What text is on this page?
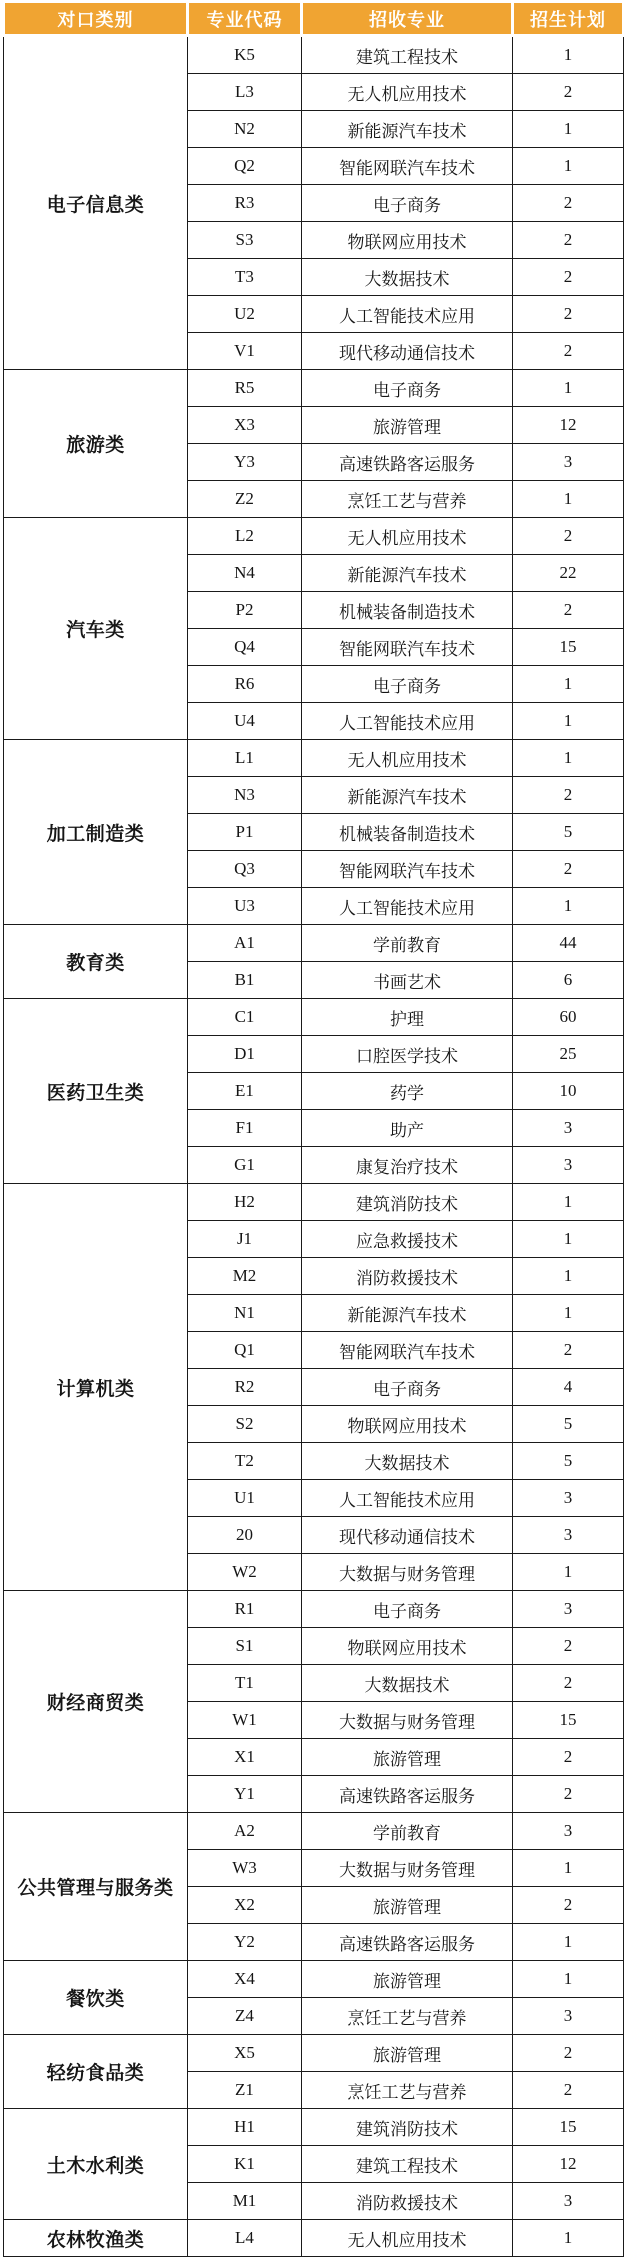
对口类别	专业代码	招收专业	招生计划
电子信息类	K5	建筑工程技术	1
	L3	无人机应用技术	2
	N2	新能源汽车技术	1
	Q2	智能网联汽车技术	1
	R3	电子商务	2
	S3	物联网应用技术	2
	T3	大数据技术	2
	U2	人工智能技术应用	2
	V1	现代移动通信技术	2
旅游类	R5	电子商务	1
	X3	旅游管理	12
	Y3	高速铁路客运服务	3
	Z2	烹饪工艺与营养	1
汽车类	L2	无人机应用技术	2
	N4	新能源汽车技术	22
	P2	机械装备制造技术	2
	Q4	智能网联汽车技术	15
	R6	电子商务	1
	U4	人工智能技术应用	1
加工制造类	L1	无人机应用技术	1
	N3	新能源汽车技术	2
	P1	机械装备制造技术	5
	Q3	智能网联汽车技术	2
	U3	人工智能技术应用	1
教育类	A1	学前教育	44
	B1	书画艺术	6
医药卫生类	C1	护理	60
	D1	口腔医学技术	25
	E1	药学	10
	F1	助产	3
	G1	康复治疗技术	3
计算机类	H2	建筑消防技术	1
	J1	应急救援技术	1
	M2	消防救援技术	1
	N1	新能源汽车技术	1
	Q1	智能网联汽车技术	2
	R2	电子商务	4
	S2	物联网应用技术	5
	T2	大数据技术	5
	U1	人工智能技术应用	3
	20	现代移动通信技术	3
	W2	大数据与财务管理	1
财经商贸类	R1	电子商务	3
	S1	物联网应用技术	2
	T1	大数据技术	2
	W1	大数据与财务管理	15
	X1	旅游管理	2
	Y1	高速铁路客运服务	2
公共管理与服务类	A2	学前教育	3
	W3	大数据与财务管理	1
	X2	旅游管理	2
	Y2	高速铁路客运服务	1
餐饮类	X4	旅游管理	1
	Z4	烹饪工艺与营养	3
轻纺食品类	X5	旅游管理	2
	Z1	烹饪工艺与营养	2
土木水利类	H1	建筑消防技术	15
	K1	建筑工程技术	12
	M1	消防救援技术	3
农林牧渔类	L4	无人机应用技术	1
